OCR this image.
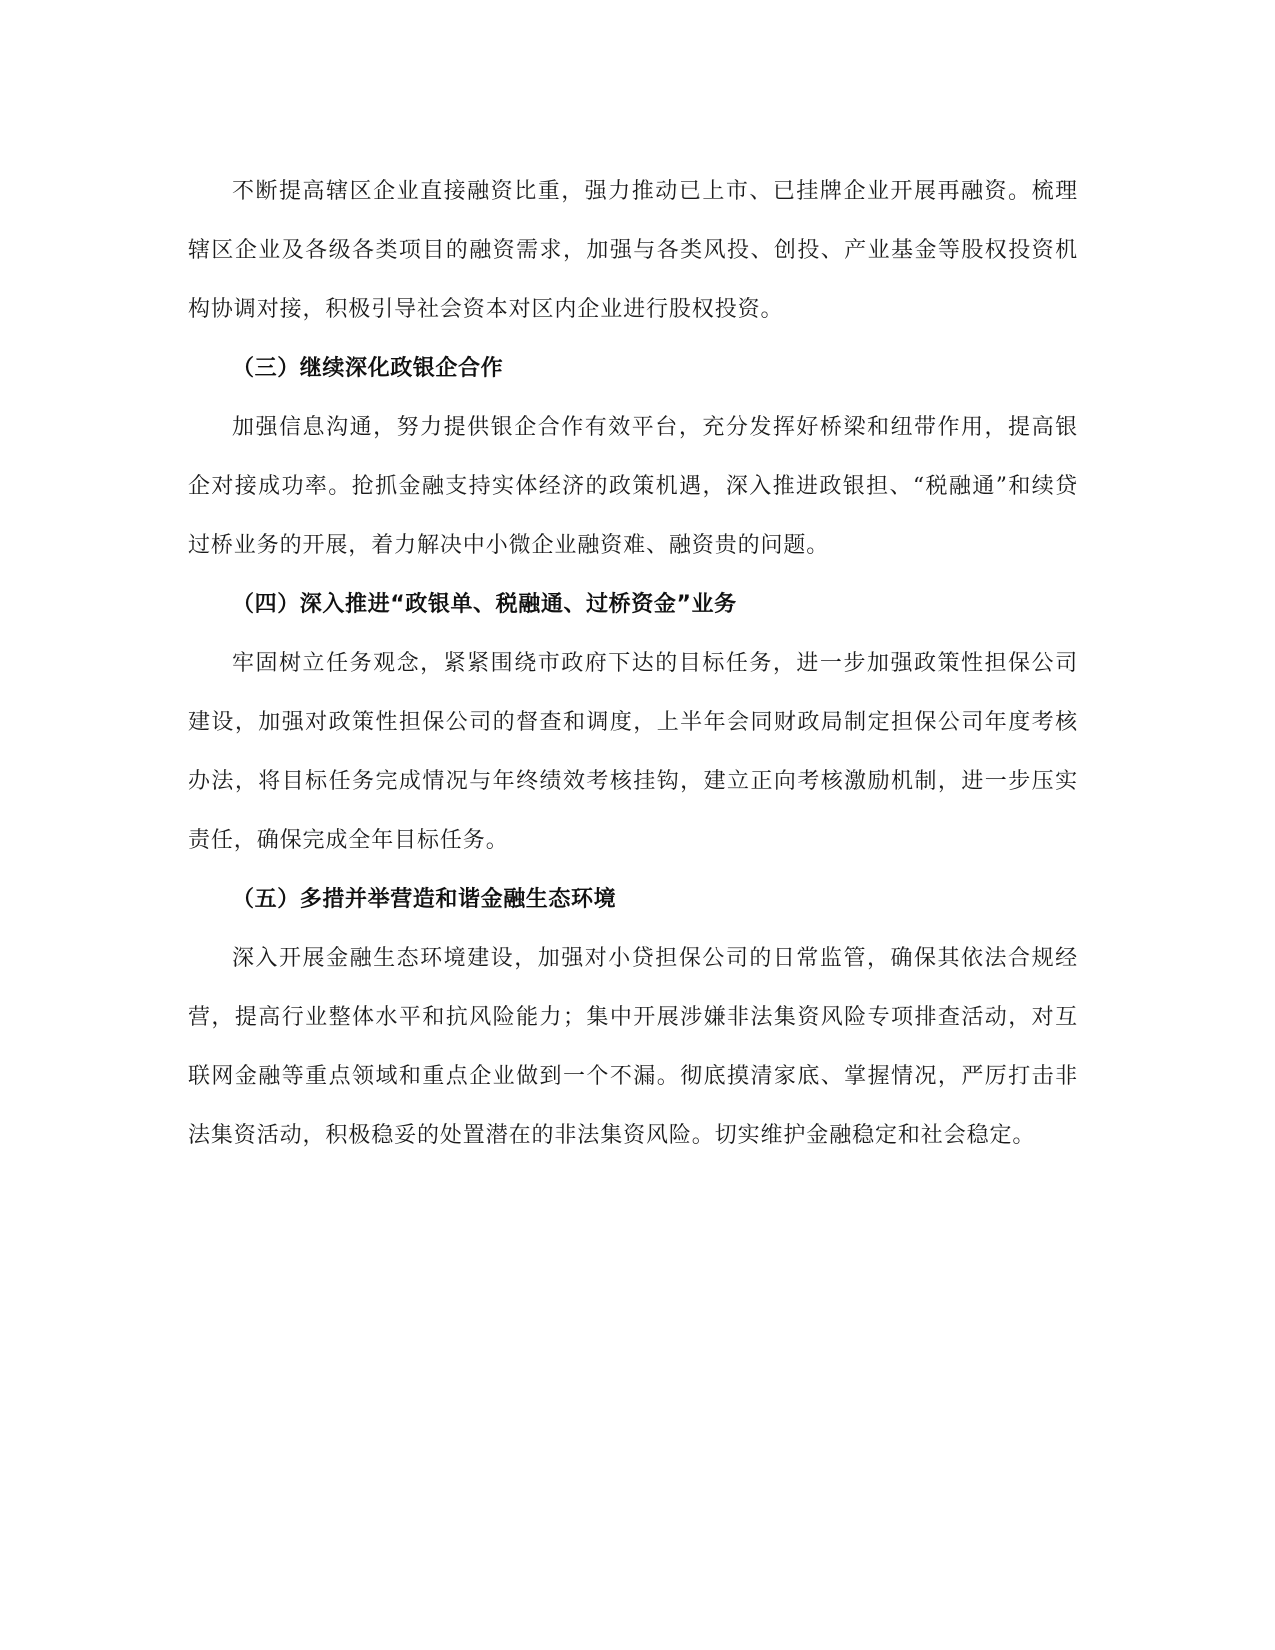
不断提高辖区企业直接融资比重，强力推动已上市、已挂牌企业开展再融资。梳理辖区企业及各级各类项目的融资需求，加强与各类风投、创投、产业基金等股权投资机构协调对接，积极引导社会资本对区内企业进行股权投资。

（三）继续深化政银企合作

加强信息沟通，努力提供银企合作有效平台，充分发挥好桥梁和纽带作用，提高银企对接成功率。抢抓金融支持实体经济的政策机遇，深入推进政银担、“税融通”和续贷过桥业务的开展，着力解决中小微企业融资难、融资贵的问题。

（四）深入推进“政银单、税融通、过桥资金”业务

牢固树立任务观念，紧紧围绕市政府下达的目标任务，进一步加强政策性担保公司建设，加强对政策性担保公司的督查和调度，上半年会同财政局制定担保公司年度考核办法，将目标任务完成情况与年终绩效考核挂钩，建立正向考核激励机制，进一步压实责任，确保完成全年目标任务。

（五）多措并举营造和谐金融生态环境

深入开展金融生态环境建设，加强对小贷担保公司的日常监管，确保其依法合规经营，提高行业整体水平和抗风险能力；集中开展涉嫌非法集资风险专项排查活动，对互联网金融等重点领域和重点企业做到一个不漏。彻底摸清家底、掌握情况，严厉打击非法集资活动，积极稳妥的处置潜在的非法集资风险。切实维护金融稳定和社会稳定。
